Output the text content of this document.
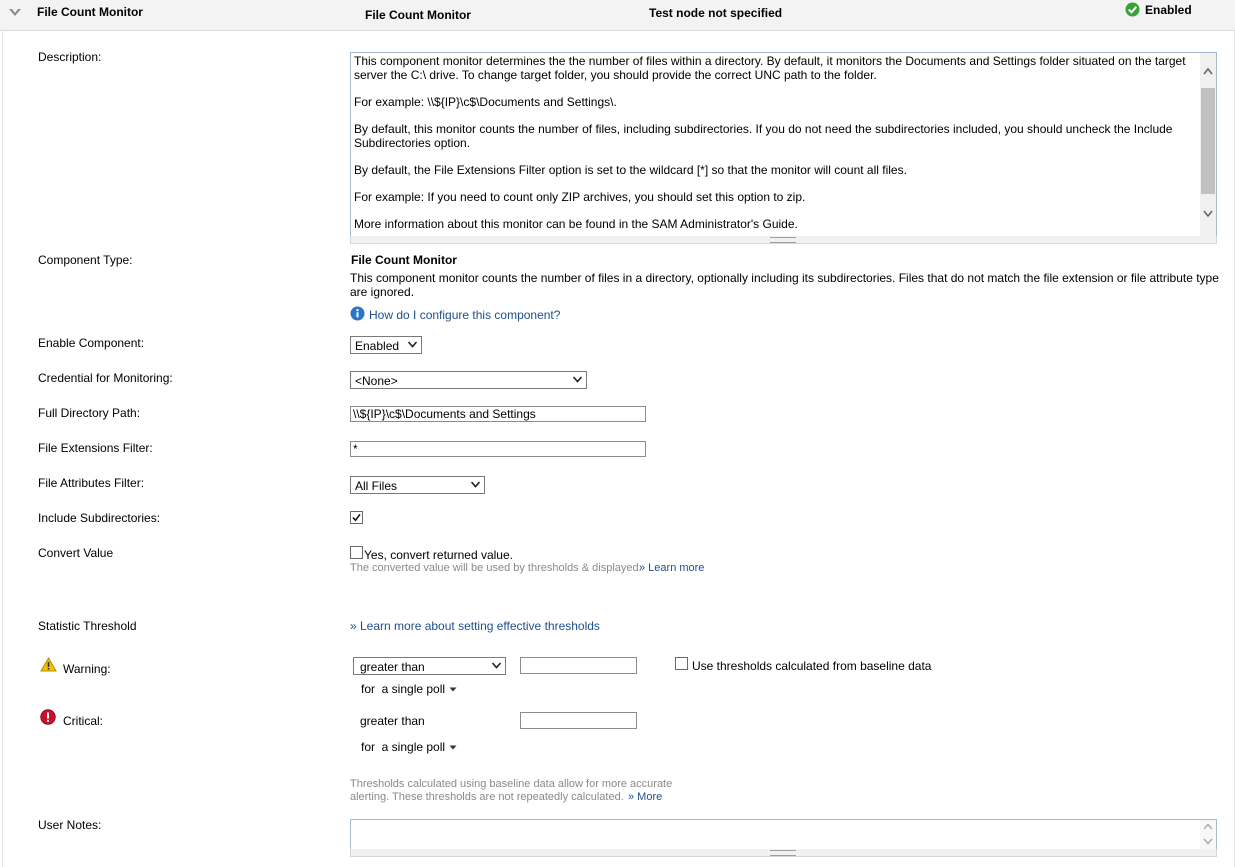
File Count Monitor	File Count Monitor	Test node not specified	Enabled
Description:	This component monitor determines the the number of files within a directory. By default, it monitors the Documents and Settings folder situated on the target server the C:\ drive. To change target folder, you should provide the correct UNC path to the folder.

For example: \\${IP}\c$\Documents and Settings\.

By default, this monitor counts the number of files, including subdirectories. If you do not need the subdirectories included, you should uncheck the Include Subdirectories option.

By default, the File Extensions Filter option is set to the wildcard [*] so that the monitor will count all files.

For example: If you need to count only ZIP archives, you should set this option to zip.

More information about this monitor can be found in the SAM Administrator's Guide.

Component Type:	File Count Monitor
This component monitor counts the number of files in a directory, optionally including its subdirectories. Files that do not match the file extension or file attribute type are ignored.
How do I configure this component?
Enable Component:	Enabled
Credential for Monitoring:	<None>
Full Directory Path:	\\${IP}\c$\Documents and Settings
File Extensions Filter:	*
File Attributes Filter:	All Files
Include Subdirectories:
Convert Value	Yes, convert returned value.
The converted value will be used by thresholds & displayed.
» Learn more
Statistic Threshold	» Learn more about setting effective thresholds
Warning:	greater than	Use thresholds calculated from baseline data
for  a single poll
Critical:	greater than
for  a single poll
Thresholds calculated using baseline data allow for more accurate
alerting. These thresholds are not repeatedly calculated. » More
User Notes:
